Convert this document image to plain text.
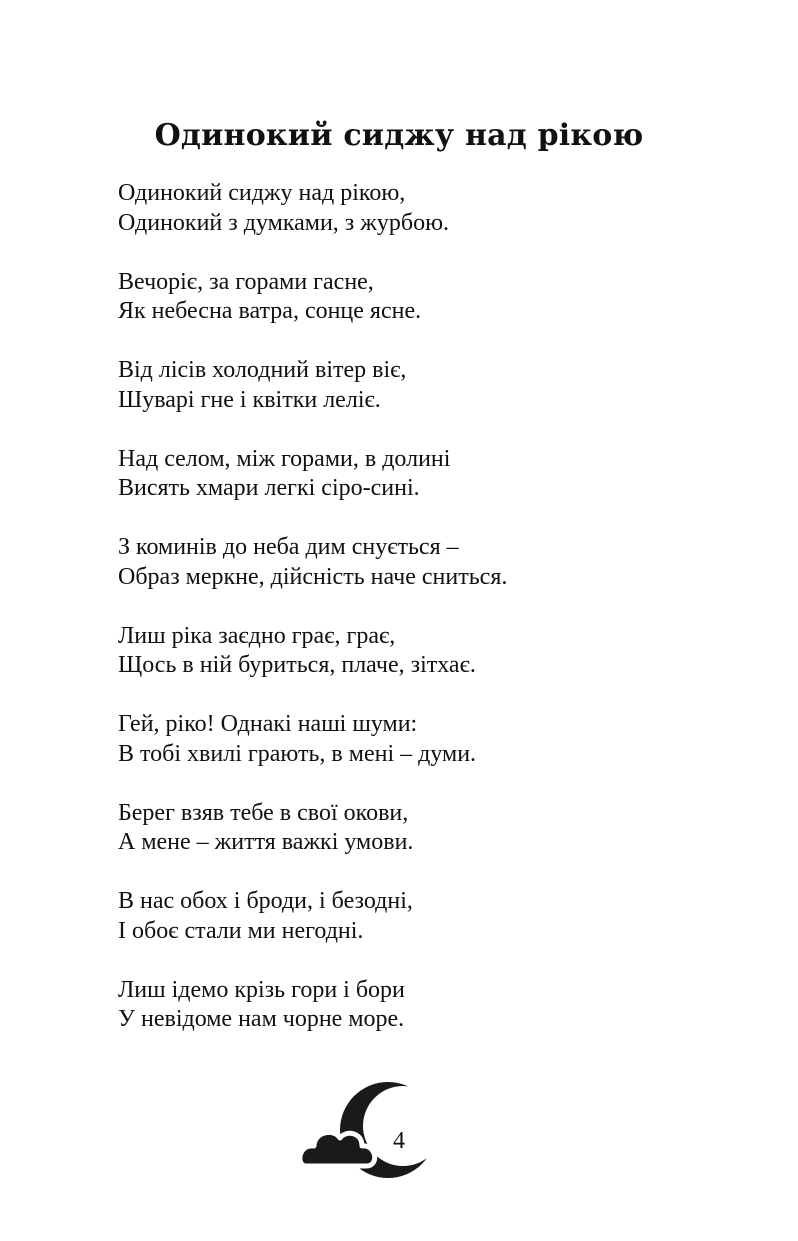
Одинокий сиджу над рікою

Одинокий сиджу над рікою,
Одинокий з думками, з журбою.

Вечоріє, за горами гасне,
Як небесна ватра, сонце ясне.

Від лісів холодний вітер віє,
Шуварі гне і квітки леліє.

Над селом, між горами, в долині
Висять хмари легкі сіро-сині.

З коминів до неба дим снується –
Образ меркне, дійсність наче сниться.

Лиш ріка заєдно грає, грає,
Щось в ній буриться, плаче, зітхає.

Гей, ріко! Однакі наші шуми:
В тобі хвилі грають, в мені – думи.

Берег взяв тебе в свої окови,
А мене – життя важкі умови.

В нас обох і броди, і безодні,
І обоє стали ми негодні.

Лиш ідемо крізь гори і бори
У невідоме нам чорне море.

4
